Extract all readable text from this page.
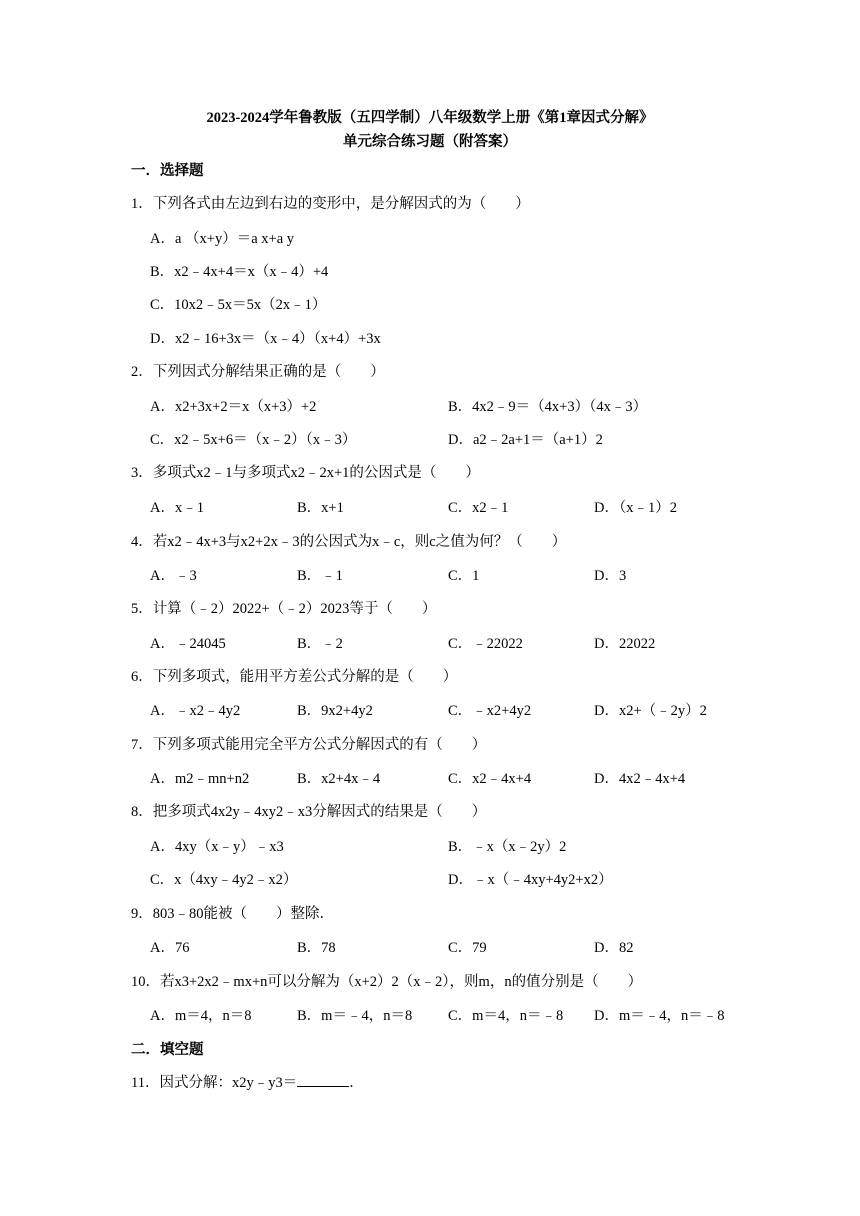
2023-2024学年鲁教版（五四学制）八年级数学上册《第1章因式分解》
单元综合练习题（附答案）
一．选择题
1．下列各式由左边到右边的变形中，是分解因式的为（　　）
A．a （x+y）＝a x+a y
B．x2﹣4x+4＝x（x﹣4）+4
C．10x2﹣5x＝5x（2x﹣1）
D．x2﹣16+3x＝（x﹣4）（x+4）+3x
2．下列因式分解结果正确的是（　　）
A．x2+3x+2＝x（x+3）+2	B．4x2﹣9＝（4x+3）（4x﹣3）
C．x2﹣5x+6＝（x﹣2）（x﹣3）	D．a2﹣2a+1＝（a+1）2
3．多项式x2﹣1与多项式x2﹣2x+1的公因式是（　　）
A．x﹣1	B．x+1	C．x2﹣1	D．（x﹣1）2
4．若x2﹣4x+3与x2+2x﹣3的公因式为x﹣c，则c之值为何？（　　）
A．﹣3	B．﹣1	C．1	D．3
5．计算（﹣2）2022+（﹣2）2023等于（　　）
A．﹣24045	B．﹣2	C．﹣22022	D．22022
6．下列多项式，能用平方差公式分解的是（　　）
A．﹣x2﹣4y2	B．9x2+4y2	C．﹣x2+4y2	D．x2+（﹣2y）2
7．下列多项式能用完全平方公式分解因式的有（　　）
A．m2﹣mn+n2	B．x2+4x﹣4	C．x2﹣4x+4	D．4x2﹣4x+4
8．把多项式4x2y﹣4xy2﹣x3分解因式的结果是（　　）
A．4xy（x﹣y）﹣x3	B．﹣x（x﹣2y）2
C．x（4xy﹣4y2﹣x2）	D．﹣x（﹣4xy+4y2+x2）
9．803﹣80能被（　　）整除．
A．76	B．78	C．79	D．82
10．若x3+2x2﹣mx+n可以分解为（x+2）2（x﹣2），则m，n的值分别是（　　）
A．m＝4，n＝8	B．m＝﹣4，n＝8 C．m＝4，n＝﹣8 D．m＝﹣4，n＝﹣8
二．填空题
11．因式分解：x2y﹣y3＝	．
